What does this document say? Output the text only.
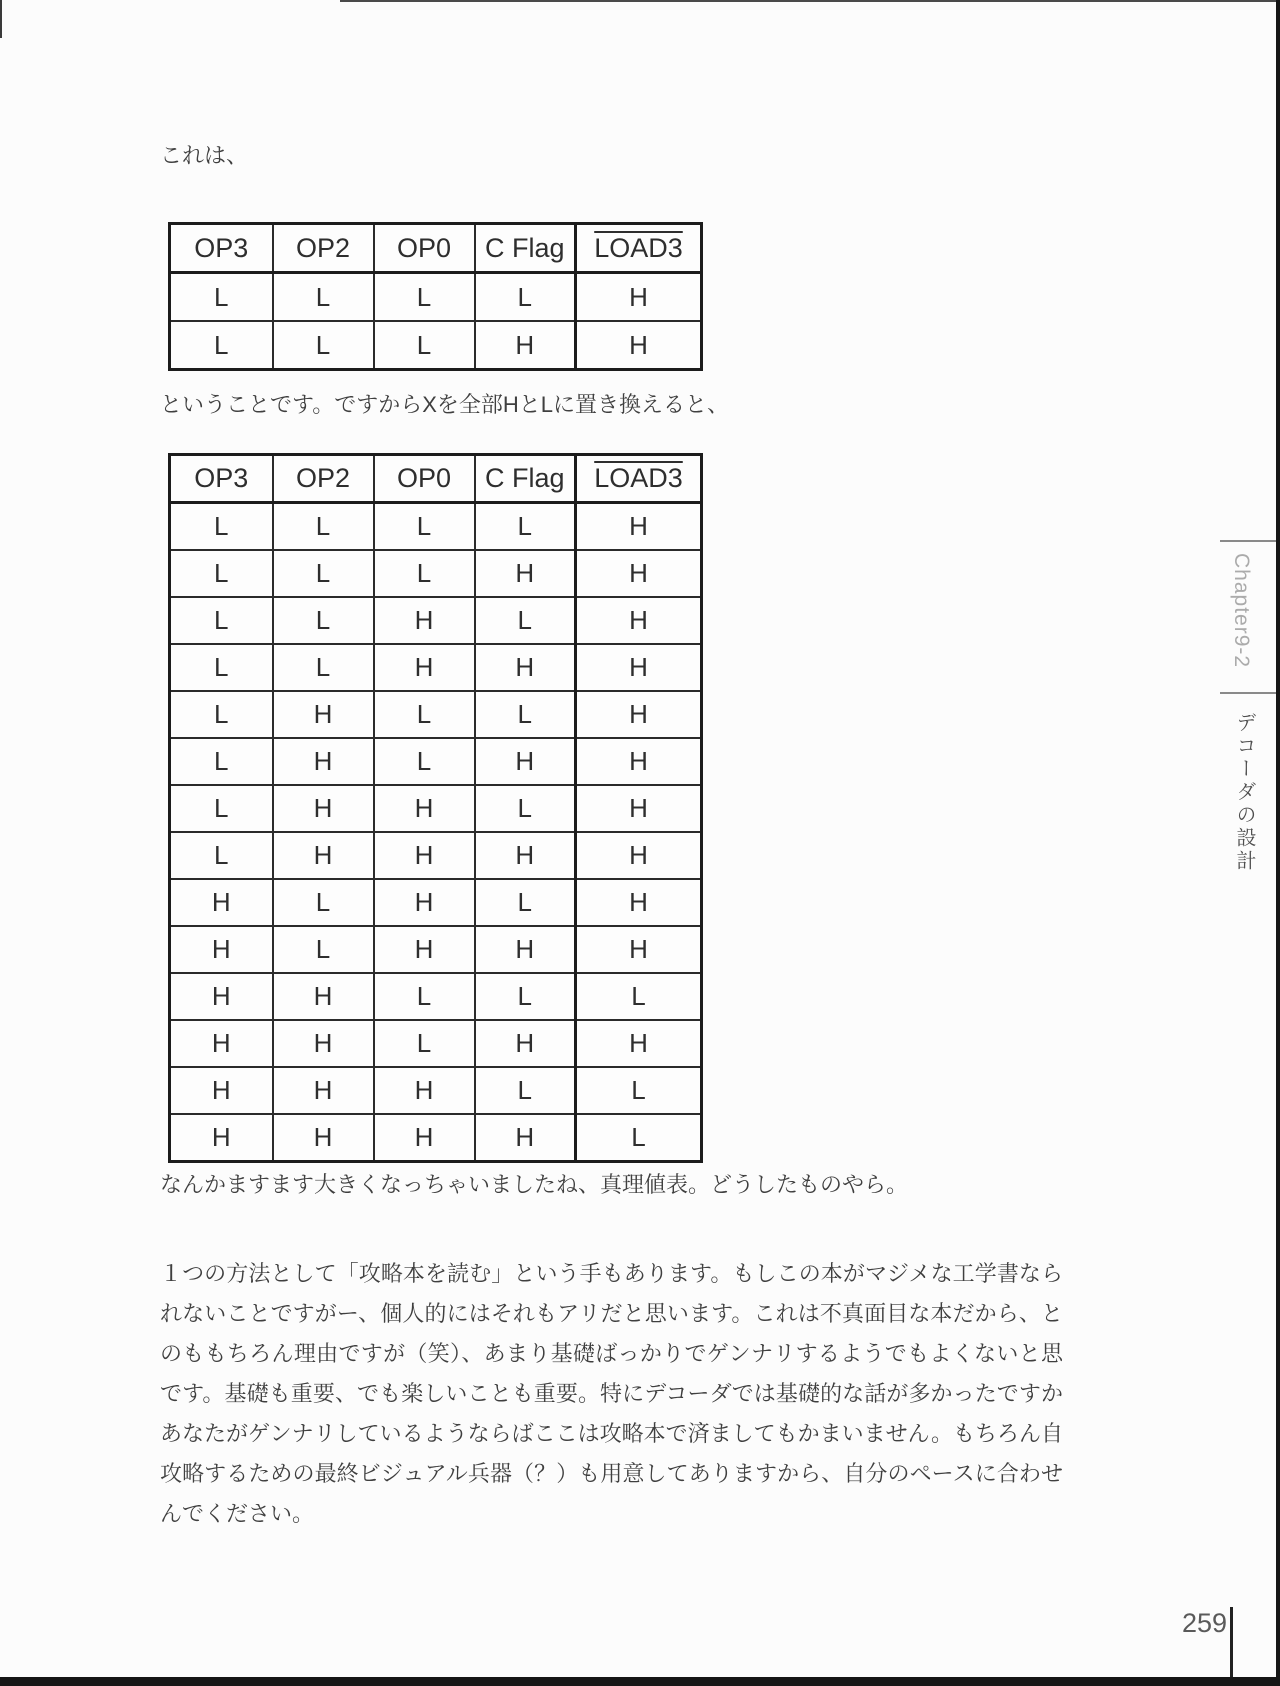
これは、
OP3	OP2	OP0	C Flag	LOAD3
L	L	L	L	H
L	L	L	H	H
ということです。ですからXを全部HとLに置き換えると、
OP3	OP2	OP0	C Flag	LOAD3
L	L	L	L	H
L	L	L	H	H
L	L	H	L	H
L	L	H	H	H
L	H	L	L	H
L	H	L	H	H
L	H	H	L	H
L	H	H	H	H
H	L	H	L	H
H	L	H	H	H
H	H	L	L	L
H	H	L	H	H
H	H	H	L	L
H	H	H	H	L
なんかますます大きくなっちゃいましたね、真理値表。どうしたものやら。
１つの方法として「攻略本を読む」という手もあります。もしこの本がマジメな工学書なら
れないことですがー、個人的にはそれもアリだと思います。これは不真面目な本だから、と
のももちろん理由ですが（笑）、あまり基礎ばっかりでゲンナリするようでもよくないと思
です。基礎も重要、でも楽しいことも重要。特にデコーダでは基礎的な話が多かったですか
あなたがゲンナリしているようならばここは攻略本で済ましてもかまいません。もちろん自
攻略するための最終ビジュアル兵器（？）も用意してありますから、自分のペースに合わせ
んでください。
Chapter9-2
デコーダの設計
259
